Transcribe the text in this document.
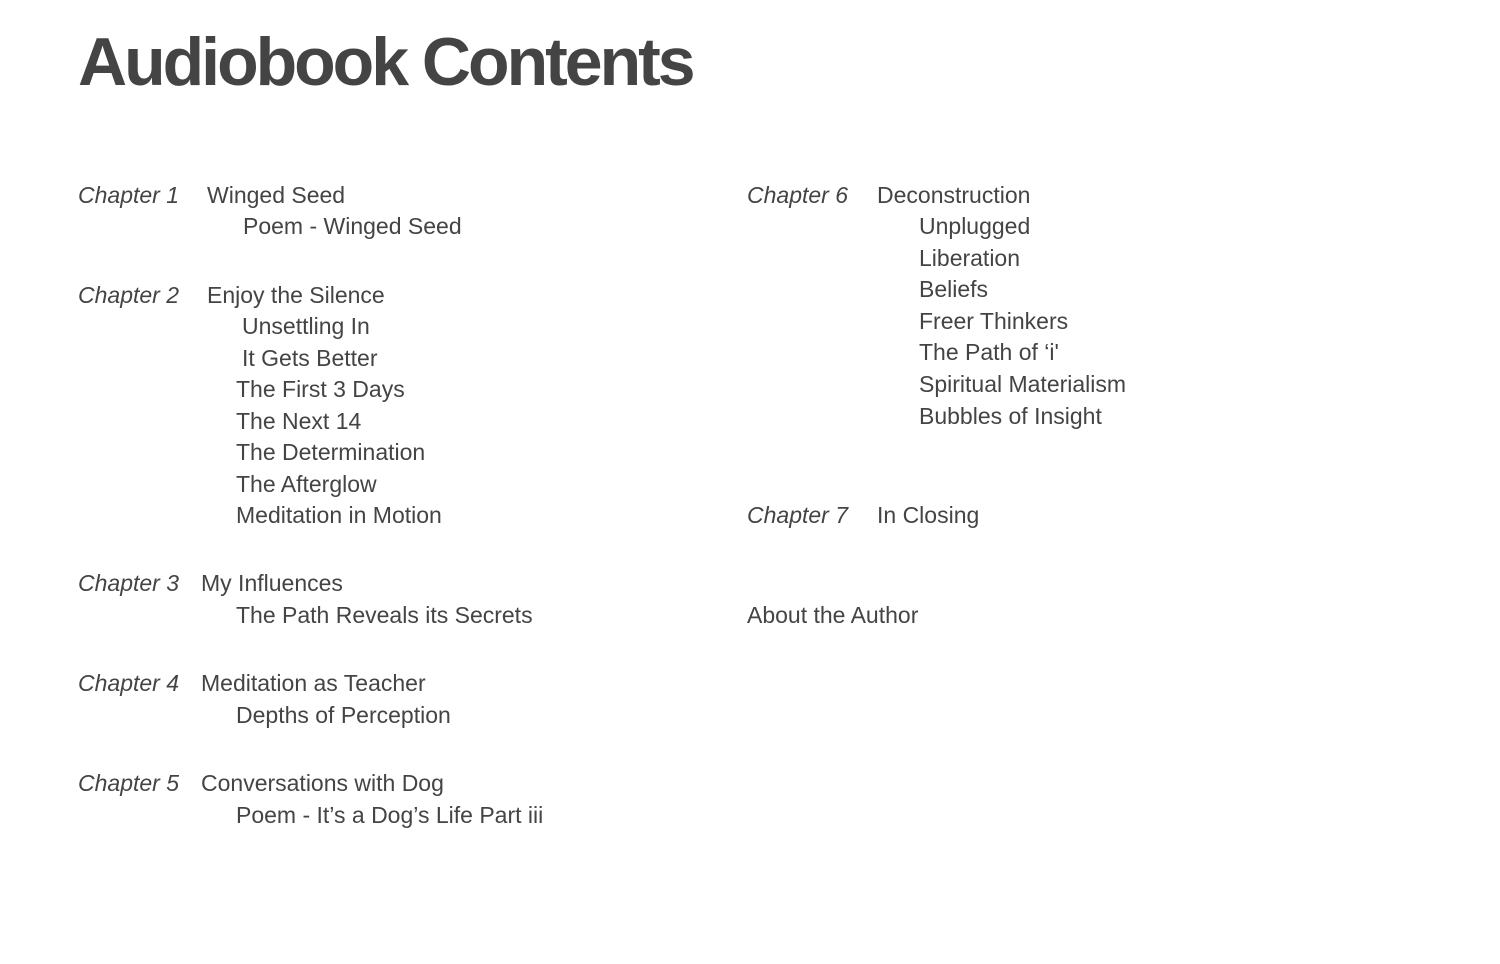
Audiobook Contents
Chapter 1 Winged Seed
Poem - Winged Seed
Chapter 2 Enjoy the Silence
Unsettling In
It Gets Better
The First 3 Days
The Next 14
The Determination
The Afterglow
Meditation in Motion
Chapter 3 My Influences
The Path Reveals its Secrets
Chapter 4 Meditation as Teacher
Depths of Perception
Chapter 5 Conversations with Dog
Poem - It’s a Dog’s Life Part iii
Chapter 6 Deconstruction
Unplugged
Liberation
Beliefs
Freer Thinkers
The Path of ‘i'
Spiritual Materialism
Bubbles of Insight
Chapter 7 In Closing
About the Author
